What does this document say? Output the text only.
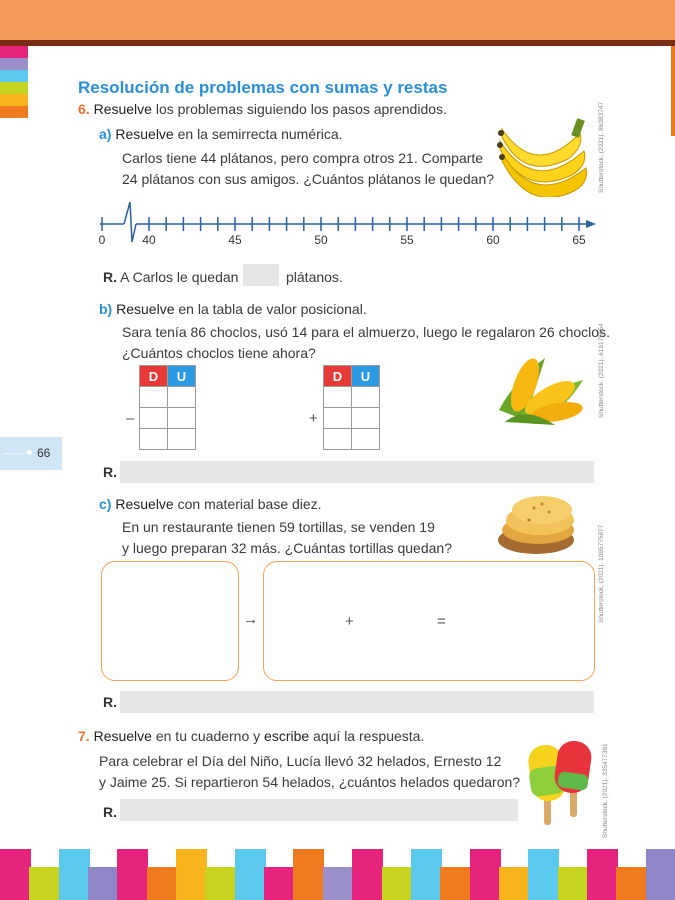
66
Resolución de problemas con sumas y restas
6. Resuelve los problemas siguiendo los pasos aprendidos.
a) Resuelve en la semirrecta numérica.
Carlos tiene 44 plátanos, pero compra otros 21. Comparte
24 plátanos con sus amigos. ¿Cuántos plátanos le quedan?	Shutterstock, (2021). 86383747
0	40	45	50	55	60	65
R. A Carlos le quedan	plátanos.
b) Resuelve en la tabla de valor posicional.
Sara tenía 86 choclos, usó 14 para el almuerzo, luego le regalaron 26 choclos.
¿Cuántos choclos tiene ahora?
D	U

–
D	U

+
Shutterstock, (2021). 619175654
R.
c) Resuelve con material base diez.
En un restaurante tienen 59 tortillas, se venden 19
y luego preparan 32 más. ¿Cuántas tortillas quedan?	Shutterstock, (2021). 1095775877
→	+	=
R.
7. Resuelve en tu cuaderno y escribe aquí la respuesta.
Para celebrar el Día del Niño, Lucía llevó 32 helados, Ernesto 12
y Jaime 25. Si repartieron 54 helados, ¿cuántos helados quedaron?	Shutterstock, (2021). 335477361
R.
